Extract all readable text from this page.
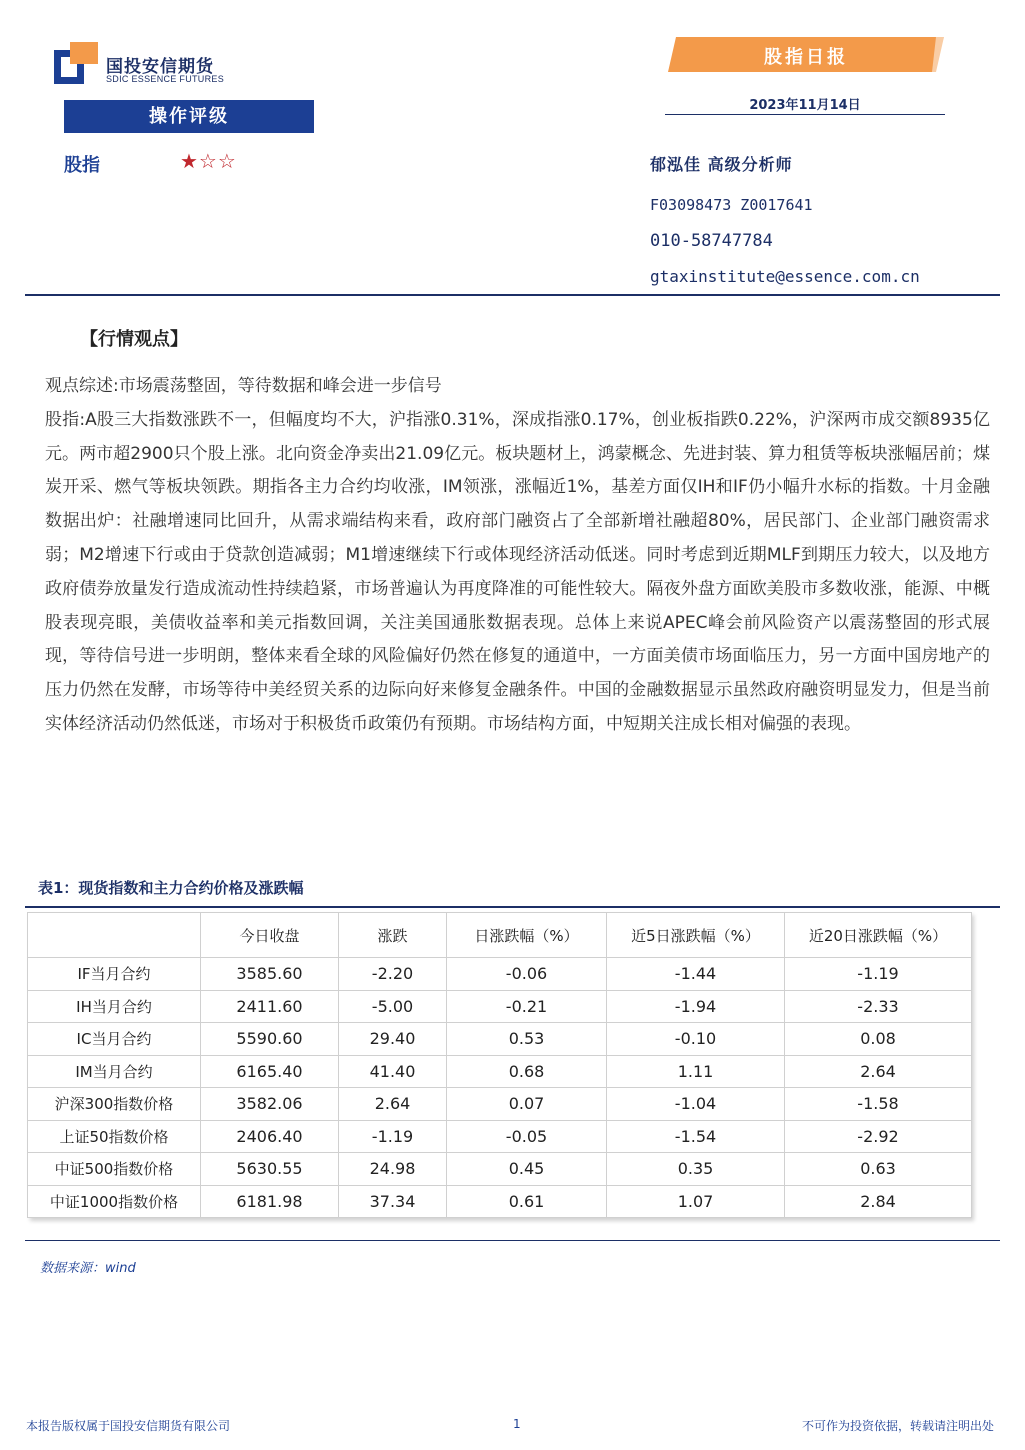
国投安信期货
SDIC ESSENCE FUTURES
股指日报
2023年11月14日
操作评级
股指	★☆☆	郁泓佳 高级分析师
F03098473 Z0017641
010-58747784
gtaxinstitute@essence.com.cn
【行情观点】

观点综述:市场震荡整固，等待数据和峰会进一步信号

股指:A股三大指数涨跌不一，但幅度均不大，沪指涨0.31%，深成指涨0.17%，创业板指跌0.22%，沪深两市成交额8935亿元。两市超2900只个股上涨。北向资金净卖出21.09亿元。板块题材上，鸿蒙概念、先进封装、算力租赁等板块涨幅居前；煤炭开采、燃气等板块领跌。期指各主力合约均收涨，IM领涨，涨幅近1%，基差方面仅IH和IF仍小幅升水标的指数。十月金融数据出炉：社融增速同比回升，从需求端结构来看，政府部门融资占了全部新增社融超80%，居民部门、企业部门融资需求弱；M2增速下行或由于贷款创造减弱；M1增速继续下行或体现经济活动低迷。同时考虑到近期MLF到期压力较大，以及地方政府债券放量发行造成流动性持续趋紧，市场普遍认为再度降准的可能性较大。隔夜外盘方面欧美股市多数收涨，能源、中概股表现亮眼，美债收益率和美元指数回调，关注美国通胀数据表现。总体上来说APEC峰会前风险资产以震荡整固的形式展现，等待信号进一步明朗，整体来看全球的风险偏好仍然在修复的通道中，一方面美债市场面临压力，另一方面中国房地产的压力仍然在发酵，市场等待中美经贸关系的边际向好来修复金融条件。中国的金融数据显示虽然政府融资明显发力，但是当前实体经济活动仍然低迷，市场对于积极货币政策仍有预期。市场结构方面，中短期关注成长相对偏强的表现。

表1：现货指数和主力合约价格及涨跌幅
	今日收盘	涨跌	日涨跌幅（%）	近5日涨跌幅（%）	近20日涨跌幅（%）
IF当月合约	3585.60	-2.20	-0.06	-1.44	-1.19
IH当月合约	2411.60	-5.00	-0.21	-1.94	-2.33
IC当月合约	5590.60	29.40	0.53	-0.10	0.08
IM当月合约	6165.40	41.40	0.68	1.11	2.64
沪深300指数价格	3582.06	2.64	0.07	-1.04	-1.58
上证50指数价格	2406.40	-1.19	-0.05	-1.54	-2.92
中证500指数价格	5630.55	24.98	0.45	0.35	0.63
中证1000指数价格	6181.98	37.34	0.61	1.07	2.84
数据来源：wind
本报告版权属于国投安信期货有限公司	1	不可作为投资依据，转载请注明出处
